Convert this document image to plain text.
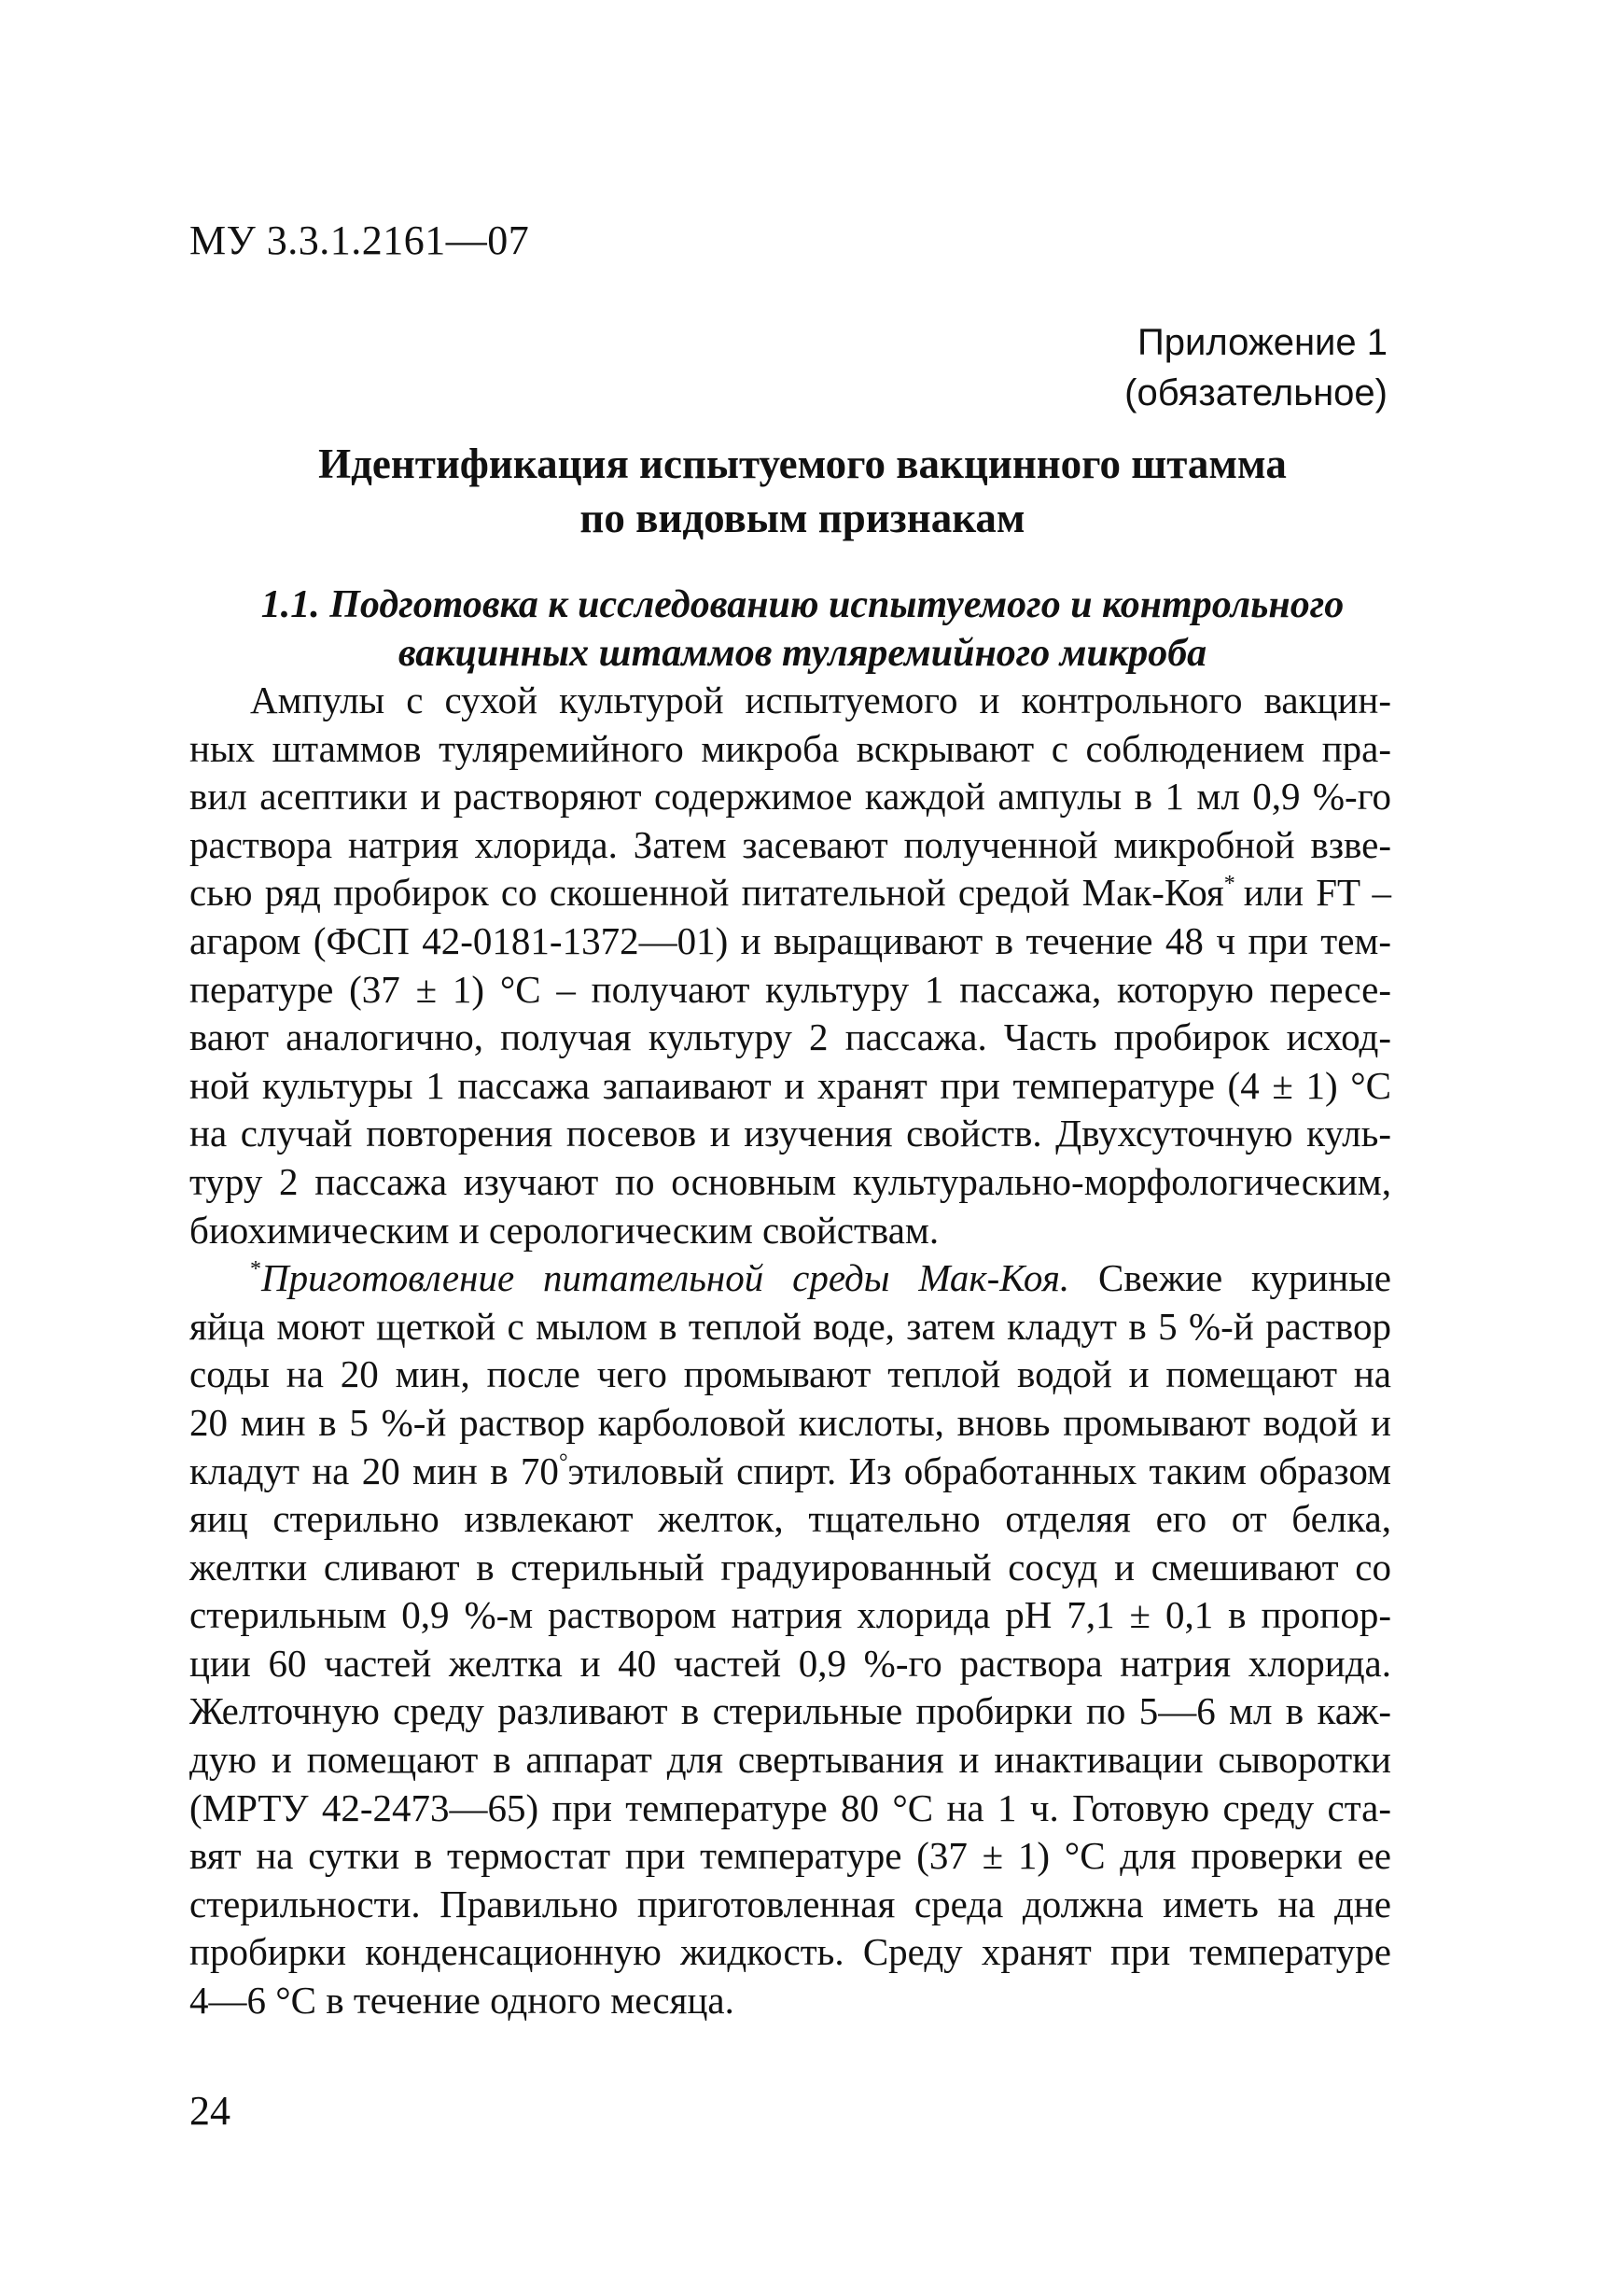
МУ 3.3.1.2161—07
Приложение 1
(обязательное)
Идентификация испытуемого вакцинного штамма
по видовым признакам
1.1. Подготовка к исследованию испытуемого и контрольного
вакцинных штаммов туляремийного микроба
Ампулы с сухой культурой испытуемого и контрольного вакцин-
ных штаммов туляремийного микроба вскрывают с соблюдением пра-
вил асептики и растворяют содержимое каждой ампулы в 1 мл 0,9 %-го
раствора натрия хлорида. Затем засевают полученной микробной взве-
сью ряд пробирок со скошенной питательной средой Мак-Коя* или FT –
агаром (ФСП 42-0181-1372—01) и выращивают в течение 48 ч при тем-
пературе (37 ± 1) °С – получают культуру 1 пассажа, которую пересе-
вают аналогично, получая культуру 2 пассажа. Часть пробирок исход-
ной культуры 1 пассажа запаивают и хранят при температуре (4 ± 1) °С
на случай повторения посевов и изучения свойств. Двухсуточную куль-
туру 2 пассажа изучают по основным культурально-морфологическим,
биохимическим и серологическим свойствам.
*Приготовление питательной среды Мак-Коя. Свежие куриные
яйца моют щеткой с мылом в теплой воде, затем кладут в 5 %-й раствор
соды на 20 мин, после чего промывают теплой водой и помещают на
20 мин в 5 %-й раствор карболовой кислоты, вновь промывают водой и
кладут на 20 мин в 70°этиловый спирт. Из обработанных таким образом
яиц стерильно извлекают желток, тщательно отделяя его от белка,
желтки сливают в стерильный градуированный сосуд и смешивают со
стерильным 0,9 %-м раствором натрия хлорида рН 7,1 ± 0,1 в пропор-
ции 60 частей желтка и 40 частей 0,9 %-го раствора натрия хлорида.
Желточную среду разливают в стерильные пробирки по 5—6 мл в каж-
дую и помещают в аппарат для свертывания и инактивации сыворотки
(МРТУ 42-2473—65) при температуре 80 °С на 1 ч. Готовую среду ста-
вят на сутки в термостат при температуре (37 ± 1) °С для проверки ее
стерильности. Правильно приготовленная среда должна иметь на дне
пробирки конденсационную жидкость. Среду хранят при температуре
4—6 °С в течение одного месяца.
24
